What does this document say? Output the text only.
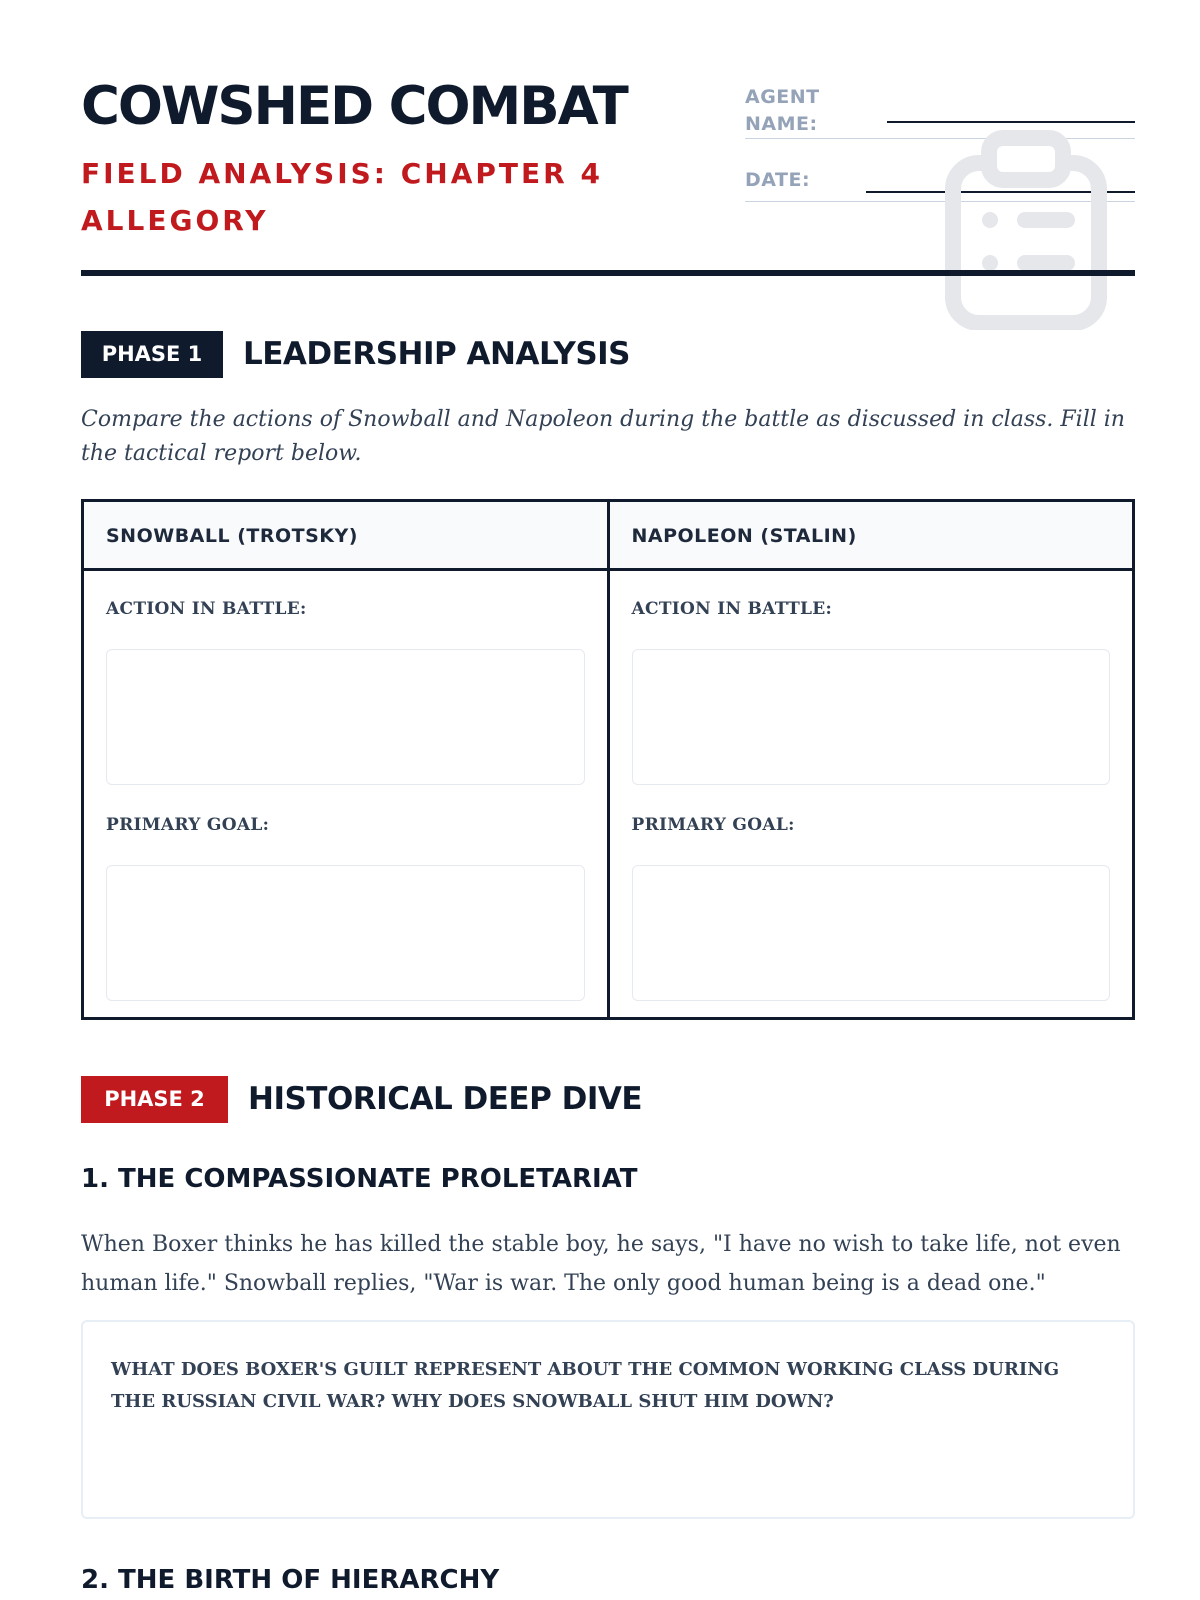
COWSHED COMBAT
FIELD ANALYSIS: CHAPTER 4 ALLEGORY
AGENT NAME:
DATE:
PHASE 1	LEADERSHIP ANALYSIS

Compare the actions of Snowball and Napoleon during the battle as discussed in class. Fill in the tactical report below.

SNOWBALL (TROTSKY)
ACTION IN BATTLE:
PRIMARY GOAL:
NAPOLEON (STALIN)
ACTION IN BATTLE:
PRIMARY GOAL:
PHASE 2	HISTORICAL DEEP DIVE
1. THE COMPASSIONATE PROLETARIAT

When Boxer thinks he has killed the stable boy, he says, "I have no wish to take life, not even human life." Snowball replies, "War is war. The only good human being is a dead one."

WHAT DOES BOXER'S GUILT REPRESENT ABOUT THE COMMON WORKING CLASS DURING THE RUSSIAN CIVIL WAR? WHY DOES SNOWBALL SHUT HIM DOWN?

2. THE BIRTH OF HIERARCHY
